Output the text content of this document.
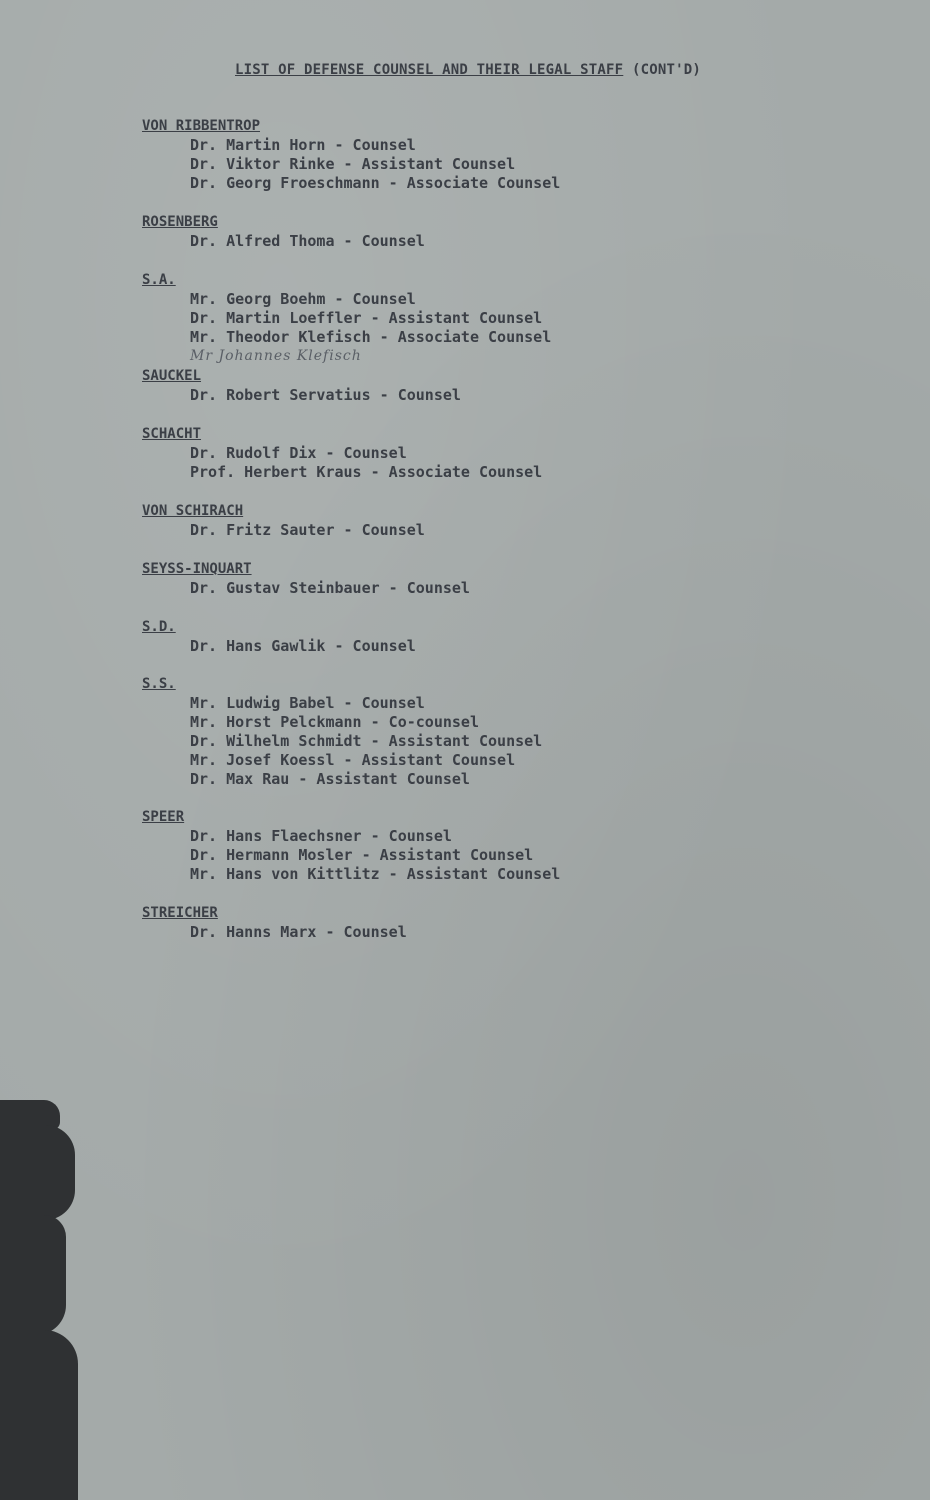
LIST OF DEFENSE COUNSEL AND THEIR LEGAL STAFF (CONT'D)
VON RIBBENTROP
Dr. Martin Horn - Counsel
Dr. Viktor Rinke - Assistant Counsel
Dr. Georg Froeschmann - Associate Counsel
ROSENBERG
Dr. Alfred Thoma - Counsel
S.A.
Mr. Georg Boehm - Counsel
Dr. Martin Loeffler - Assistant Counsel
Mr. Theodor Klefisch - Associate Counsel
Mr Johannes Klefisch
SAUCKEL
Dr. Robert Servatius - Counsel
SCHACHT
Dr. Rudolf Dix - Counsel
Prof. Herbert Kraus - Associate Counsel
VON SCHIRACH
Dr. Fritz Sauter - Counsel
SEYSS-INQUART
Dr. Gustav Steinbauer - Counsel
S.D.
Dr. Hans Gawlik - Counsel
S.S.
Mr. Ludwig Babel - Counsel
Mr. Horst Pelckmann - Co-counsel
Dr. Wilhelm Schmidt - Assistant Counsel
Mr. Josef Koessl - Assistant Counsel
Dr. Max Rau - Assistant Counsel
SPEER
Dr. Hans Flaechsner - Counsel
Dr. Hermann Mosler - Assistant Counsel
Mr. Hans von Kittlitz - Assistant Counsel
STREICHER
Dr. Hanns Marx - Counsel
